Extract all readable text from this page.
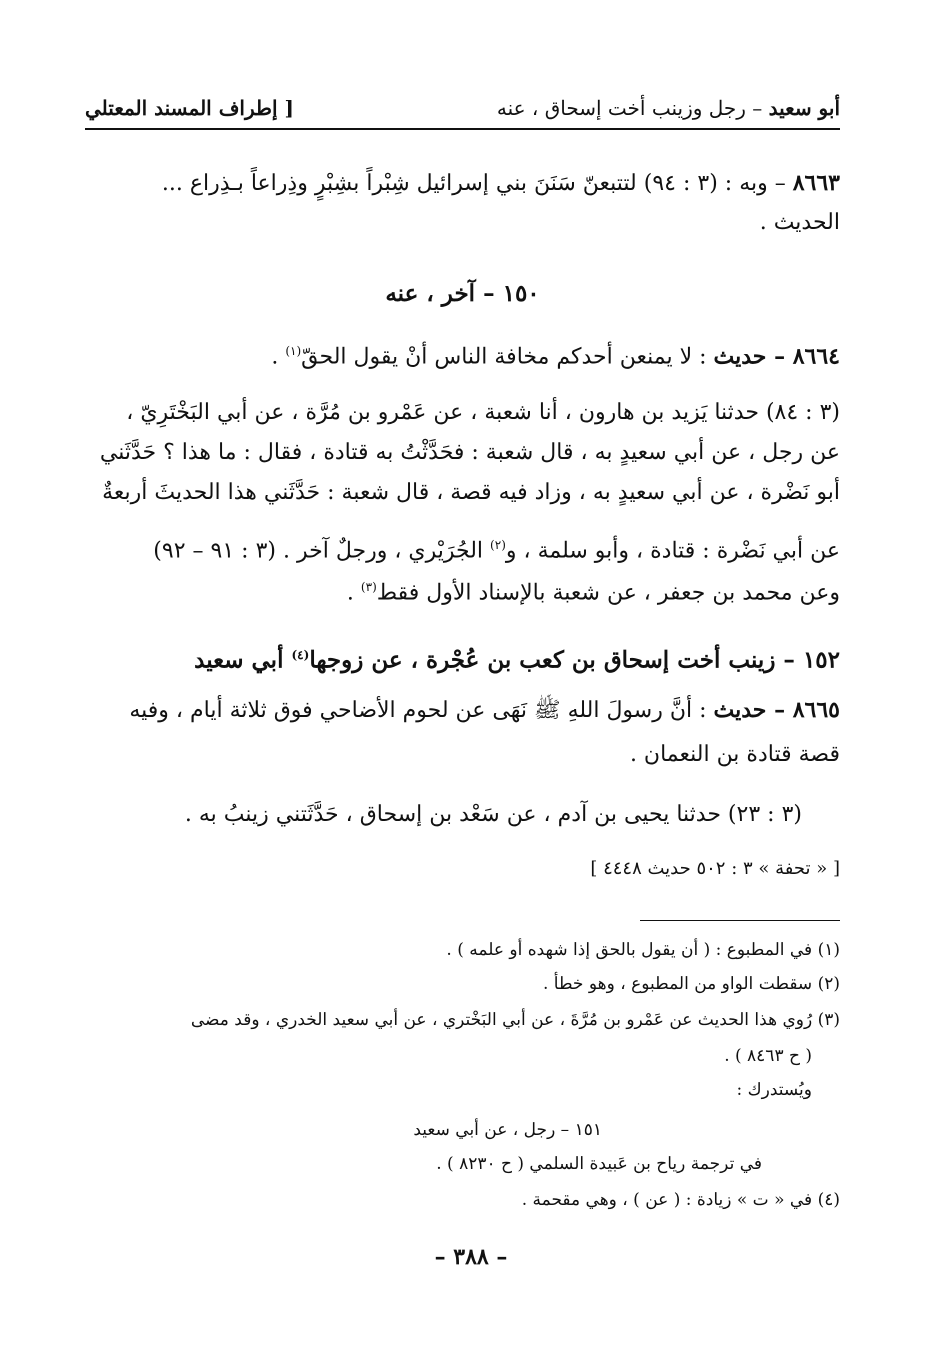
أبو سعيد – رجل وزينب أخت إسحاق ، عنه
[ إطراف المسند المعتلي
٨٦٦٣ – وبه : (٣ : ٩٤) لتتبعنّ سَنَنَ بني إسرائيل شِبْراً بشِبْرٍ وذِراعاً بـذِراع ...
الحديث .
١٥٠ – آخر ، عنه
٨٦٦٤ – حديث : لا يمنعن أحدكم مخافة الناس أنْ يقول الحقّ$^{(١)}$ .
(٣ : ٨٤) حدثنا يَزيد بن هارون ، أنا شعبة ، عن عَمْرو بن مُرَّة ، عن أبي البَخْتَرِيّ ،
عن رجل ، عن أبي سعيدٍ به ، قال شعبة : فحَدَّثْتُ به قتادة ، فقال : ما هذا ؟ حَدَّثَني
أبو نَضْرة ، عن أبي سعيدٍ به ، وزاد فيه قصة ، قال شعبة : حَدَّثَني هذا الحديثَ أربعةٌ
عن أبي نَضْرة : قتادة ، وأبو سلمة ، و$^{(٢)}$ الجُرَيْري ، ورجلٌ آخر . (٣ : ٩١ – ٩٢)
وعن محمد بن جعفر ، عن شعبة بالإسناد الأول فقط$^{(٣)}$ .
١٥٢ – زينب أخت إسحاق بن كعب بن عُجْرة ، عن زوجها$^{(٤)}$ أبي سعيد
٨٦٦٥ – حديث : أنَّ رسولَ اللهِ ﷺ نَهَى عن لحوم الأضاحي فوق ثلاثة أيام ، وفيه
قصة قتادة بن النعمان .
(٣ : ٢٣) حدثنا يحيى بن آدم ، عن سَعْد بن إسحاق ، حَدَّثَتني زينبُ به .
[ « تحفة » ٣ : ٥٠٢ حديث ٤٤٤٨ ]
(١) في المطبوع : ( أن يقول بالحق إذا شهده أو علمه ) .
(٢) سقطت الواو من المطبوع ، وهو خطأ .
(٣) رُوي هذا الحديث عن عَمْرو بن مُرَّةَ ، عن أبي البَخْتري ، عن أبي سعيد الخدري ، وقد مضى
( ح ٨٤٦٣ ) .
ويُستدرك :
١٥١ – رجل ، عن أبي سعيد
في ترجمة رياح بن عَبيدة السلمي ( ح ٨٢٣٠ ) .
(٤) في « ت » زيادة : ( عن ) ، وهي مقحمة .
– ٣٨٨ –
